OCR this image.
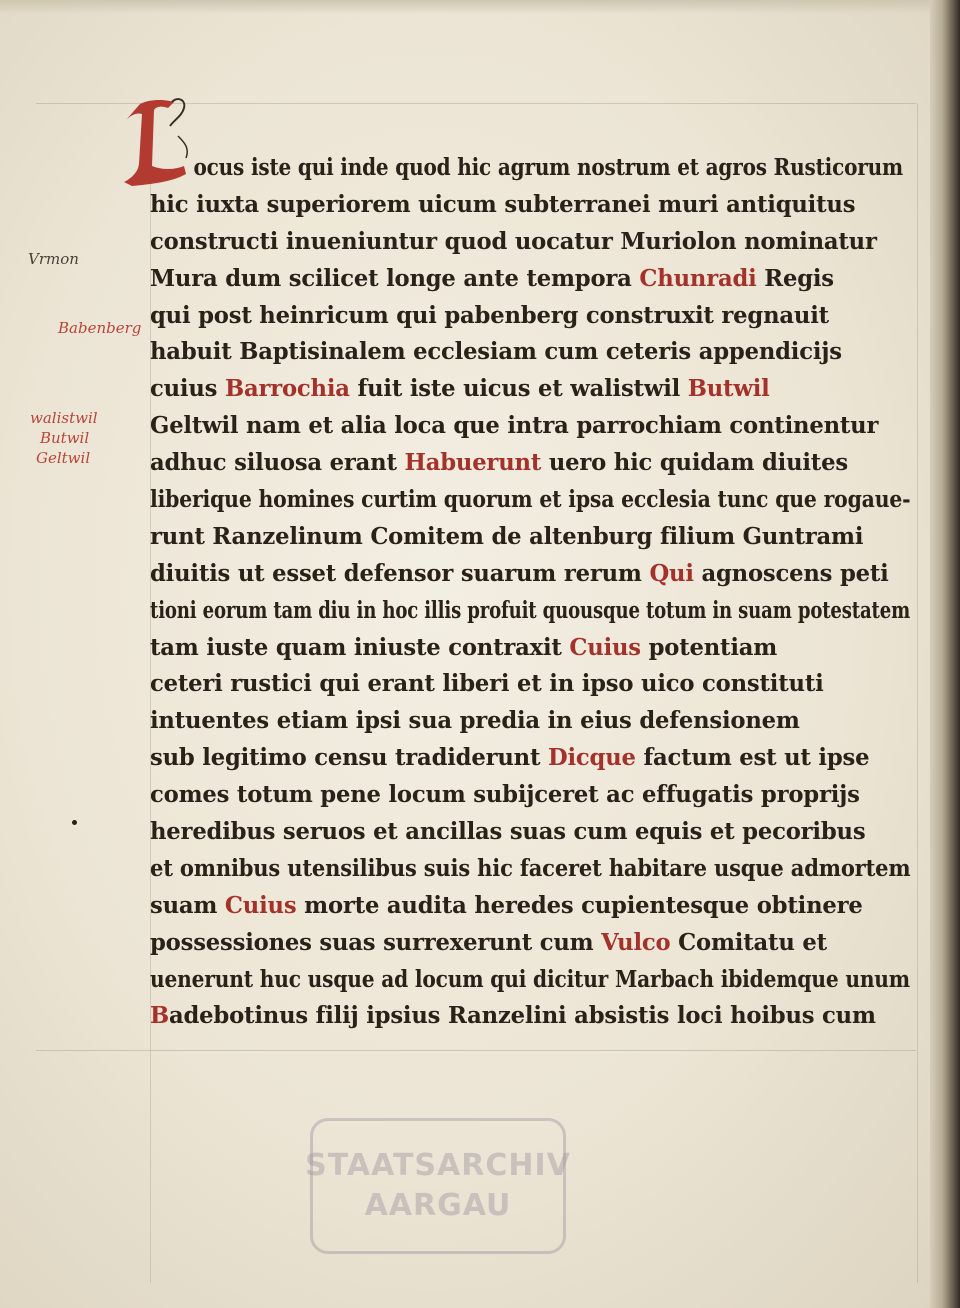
Vrmon
Babenberg
walistwil
Butwil
Geltwil
ocus iste qui inde quod hic agrum nostrum et agros Rusticorum
hic iuxta superiorem uicum subterranei muri antiquitus
constructi inueniuntur quod uocatur Muriolon nominatur
Mura dum scilicet longe ante tempora Chunradi Regis
qui post heinricum qui pabenberg construxit regnauit
habuit Baptisinalem ecclesiam cum ceteris appendicijs
cuius Barrochia fuit iste uicus et walistwil Butwil
Geltwil nam et alia loca que intra parrochiam continentur
adhuc siluosa erant Habuerunt uero hic quidam diuites
liberique homines curtim quorum et ipsa ecclesia tunc que rogaue-
runt Ranzelinum Comitem de altenburg filium Guntrami
diuitis ut esset defensor suarum rerum Qui agnoscens peti
tioni eorum tam diu in hoc illis profuit quousque totum in suam potestatem
tam iuste quam iniuste contraxit Cuius potentiam
ceteri rustici qui erant liberi et in ipso uico constituti
intuentes etiam ipsi sua predia in eius defensionem
sub legitimo censu tradiderunt Dicque factum est ut ipse
comes totum pene locum subijceret ac effugatis proprijs
heredibus seruos et ancillas suas cum equis et pecoribus
et omnibus utensilibus suis hic faceret habitare usque admortem
suam Cuius morte audita heredes cupientesque obtinere
possessiones suas surrexerunt cum Vulco Comitatu et
uenerunt huc usque ad locum qui dicitur Marbach ibidemque unum
Badebotinus filij ipsius Ranzelini absistis loci hoibus cum
STAATSARCHIV
AARGAU
